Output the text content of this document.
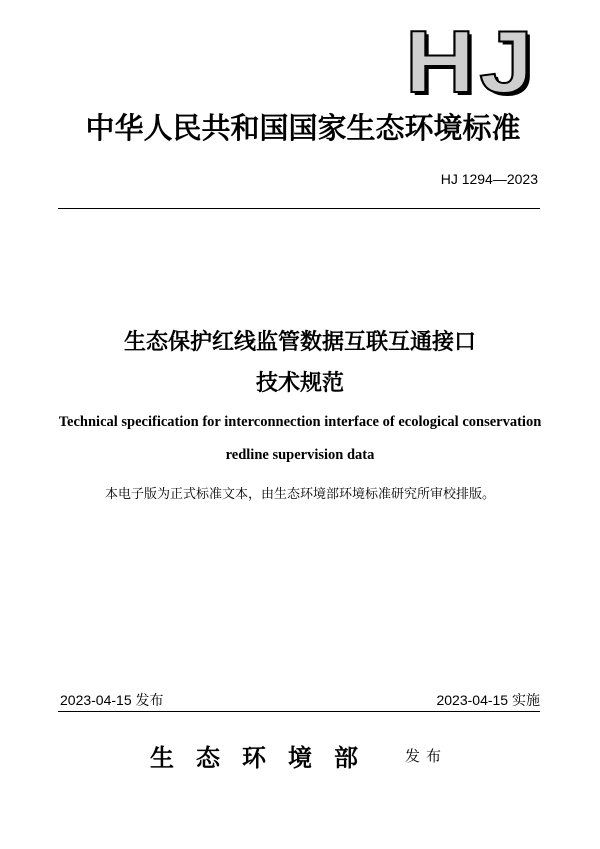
HJ
中华人民共和国国家生态环境标准
HJ 1294—2023
生态保护红线监管数据互联互通接口
技术规范
Technical specification for interconnection interface of ecological conservation
redline supervision data
本电子版为正式标准文本，由生态环境部环境标准研究所审校排版。
2023-04-15 发布	2023-04-15 实施
生态环境部 发布
